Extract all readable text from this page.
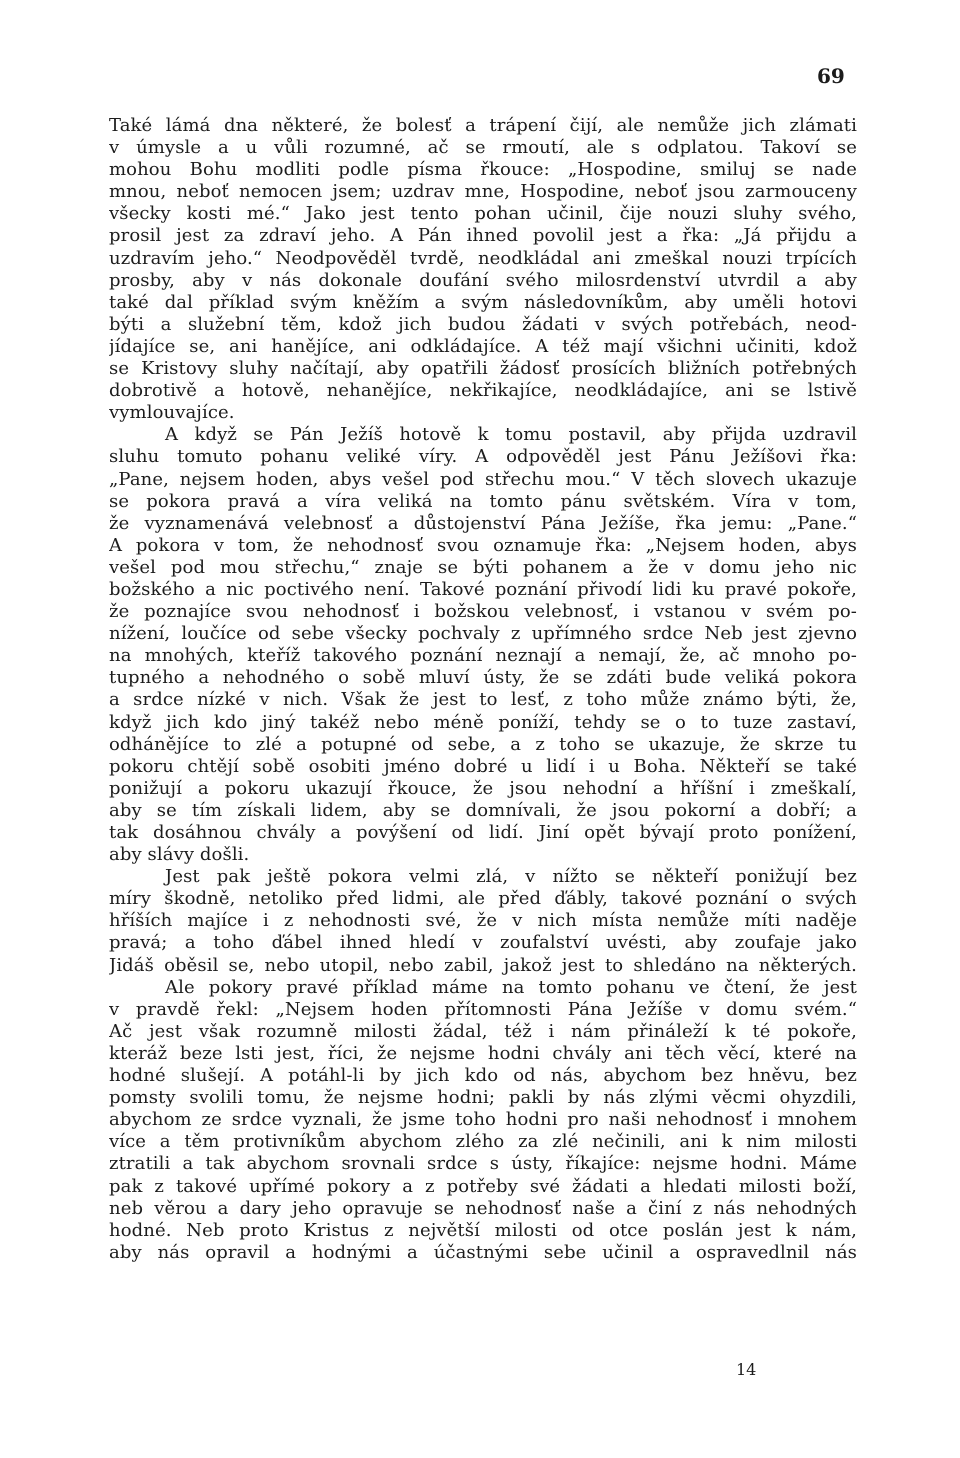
69
Také lámá dna některé, že bolesť a trápení čijí, ale nemůže jich zlámati
v úmysle a u vůli rozumné, ač se rmoutí, ale s odplatou. Takoví se
mohou Bohu modliti podle písma řkouce: „Hospodine, smiluj se nade
mnou, neboť nemocen jsem; uzdrav mne, Hospodine, neboť jsou zarmouceny
všecky kosti mé.“ Jako jest tento pohan učinil, čije nouzi sluhy svého,
prosil jest za zdraví jeho. A Pán ihned povolil jest a řka: „Já přijdu a
uzdravím jeho.“ Neodpověděl tvrdě, neodkládal ani zmeškal nouzi trpících
prosby, aby v nás dokonale doufání svého milosrdenství utvrdil a aby
také dal příklad svým kněžím a svým následovníkům, aby uměli hotovi
býti a služební těm, kdož jich budou žádati v svých potřebách, neod-
jídajíce se, ani hanějíce, ani odkládajíce. A též mají všichni učiniti, kdož
se Kristovy sluhy načítají, aby opatřili žádosť prosících bližních potřebných
dobrotivě a hotově, nehanějíce, nekřikajíce, neodkládajíce, ani se lstivě
vymlouvajíce.
A když se Pán Ježíš hotově k tomu postavil, aby přijda uzdravil
sluhu tomuto pohanu veliké víry. A odpověděl jest Pánu Ježíšovi řka:
„Pane, nejsem hoden, abys vešel pod střechu mou.“ V těch slovech ukazuje
se pokora pravá a víra veliká na tomto pánu světském. Víra v tom,
že vyznamenává velebnosť a důstojenství Pána Ježíše, řka jemu: „Pane.“
A pokora v tom, že nehodnosť svou oznamuje řka: „Nejsem hoden, abys
vešel pod mou střechu,“ znaje se býti pohanem a že v domu jeho nic
božského a nic poctivého není. Takové poznání přivodí lidi ku pravé pokoře,
že poznajíce svou nehodnosť i božskou velebnosť, i vstanou v svém po-
nížení, loučíce od sebe všecky pochvaly z upřímného srdce Neb jest zjevno
na mnohých, kteříž takového poznání neznají a nemají, že, ač mnoho po-
tupného a nehodného o sobě mluví ústy, že se zdáti bude veliká pokora
a srdce nízké v nich. Však že jest to lesť, z toho může známo býti, že,
když jich kdo jiný takéž nebo méně poníží, tehdy se o to tuze zastaví,
odhánějíce to zlé a potupné od sebe, a z toho se ukazuje, že skrze tu
pokoru chtějí sobě osobiti jméno dobré u lidí i u Boha. Někteří se také
ponižují a pokoru ukazují řkouce, že jsou nehodní a hříšní i zmeškalí,
aby se tím získali lidem, aby se domnívali, že jsou pokorní a dobří; a
tak dosáhnou chvály a povýšení od lidí. Jiní opět bývají proto ponížení,
aby slávy došli.
Jest pak ještě pokora velmi zlá, v nížto se někteří ponižují bez
míry škodně, netoliko před lidmi, ale před ďábly, takové poznání o svých
hříších majíce i z nehodnosti své, že v nich místa nemůže míti naděje
pravá; a toho ďábel ihned hledí v zoufalství uvésti, aby zoufaje jako
Jidáš oběsil se, nebo utopil, nebo zabil, jakož jest to shledáno na některých.
Ale pokory pravé příklad máme na tomto pohanu ve čtení, že jest
v pravdě řekl: „Nejsem hoden přítomnosti Pána Ježíše v domu svém.“
Ač jest však rozumně milosti žádal, též i nám přináleží k té pokoře,
kteráž beze lsti jest, říci, že nejsme hodni chvály ani těch věcí, které na
hodné slušejí. A potáhl-li by jich kdo od nás, abychom bez hněvu, bez
pomsty svolili tomu, že nejsme hodni; pakli by nás zlými věcmi ohyzdili,
abychom ze srdce vyznali, že jsme toho hodni pro naši nehodnosť i mnohem
více a těm protivníkům abychom zlého za zlé nečinili, ani k nim milosti
ztratili a tak abychom srovnali srdce s ústy, říkajíce: nejsme hodni. Máme
pak z takové upřímé pokory a z potřeby své žádati a hledati milosti boží,
neb věrou a dary jeho opravuje se nehodnosť naše a činí z nás nehodných
hodné. Neb proto Kristus z největší milosti od otce poslán jest k nám,
aby nás opravil a hodnými a účastnými sebe učinil a ospravedlnil nás
14
